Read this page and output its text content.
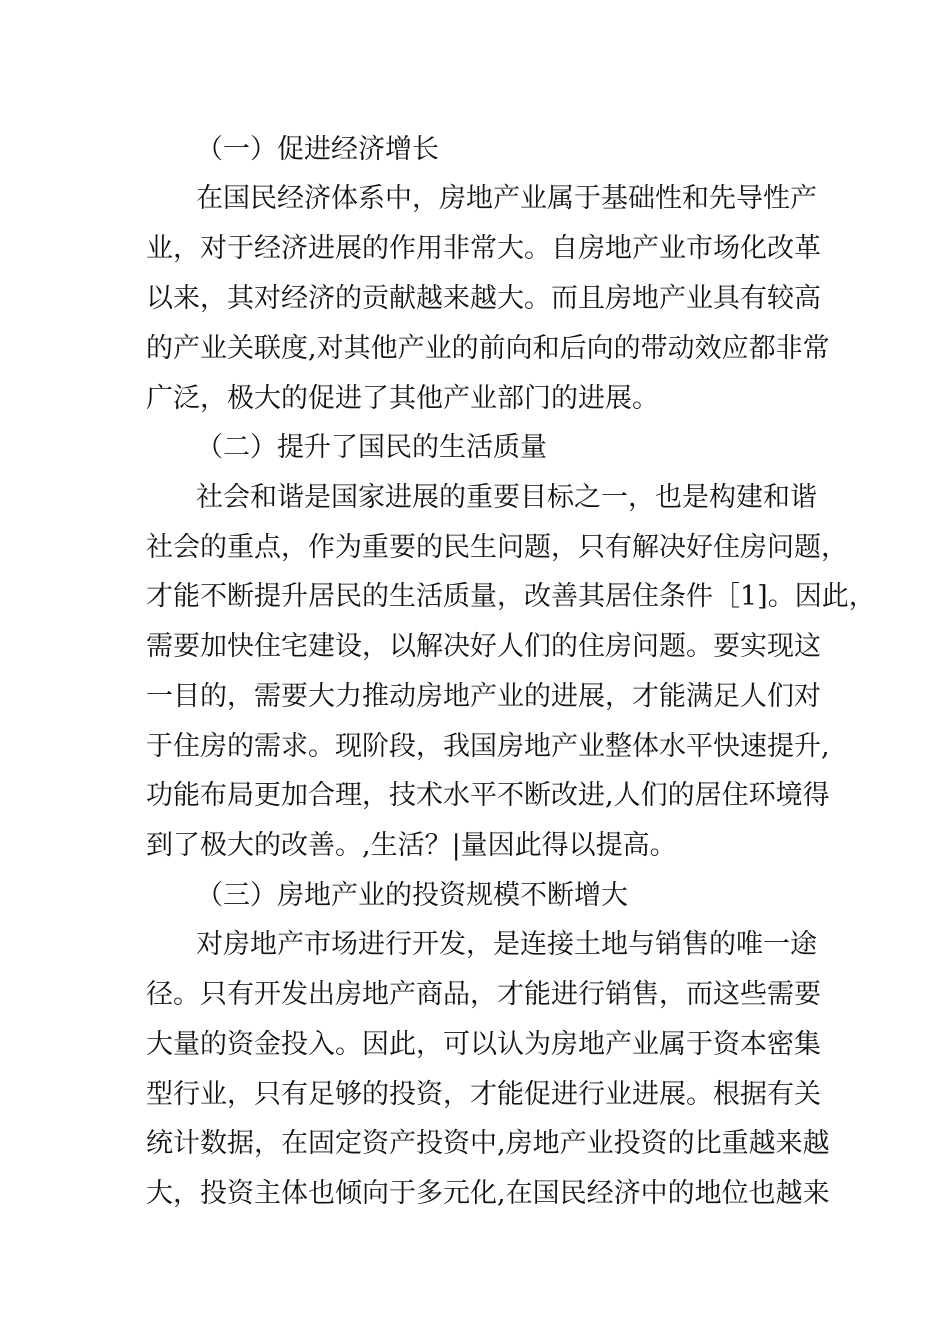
（一）促进经济增长
在国民经济体系中，房地产业属于基础性和先导性产
业，对于经济进展的作用非常大。自房地产业市场化改革
以来，其对经济的贡献越来越大。而且房地产业具有较高
的产业关联度,对其他产业的前向和后向的带动效应都非常
广泛，极大的促进了其他产业部门的进展。
（二）提升了国民的生活质量
社会和谐是国家进展的重要目标之一，也是构建和谐
社会的重点，作为重要的民生问题，只有解决好住房问题，
才能不断提升居民的生活质量，改善其居住条件［1]。因此，
需要加快住宅建设，以解决好人们的住房问题。要实现这
一目的，需要大力推动房地产业的进展，才能满足人们对
于住房的需求。现阶段，我国房地产业整体水平快速提升,
功能布局更加合理，技术水平不断改进,人们的居住环境得
到了极大的改善。,生活？|量因此得以提高。
（三）房地产业的投资规模不断增大
对房地产市场进行开发，是连接土地与销售的唯一途
径。只有开发出房地产商品，才能进行销售，而这些需要
大量的资金投入。因此，可以认为房地产业属于资本密集
型行业，只有足够的投资，才能促进行业进展。根据有关
统计数据，在固定资产投资中,房地产业投资的比重越来越
大，投资主体也倾向于多元化,在国民经济中的地位也越来
